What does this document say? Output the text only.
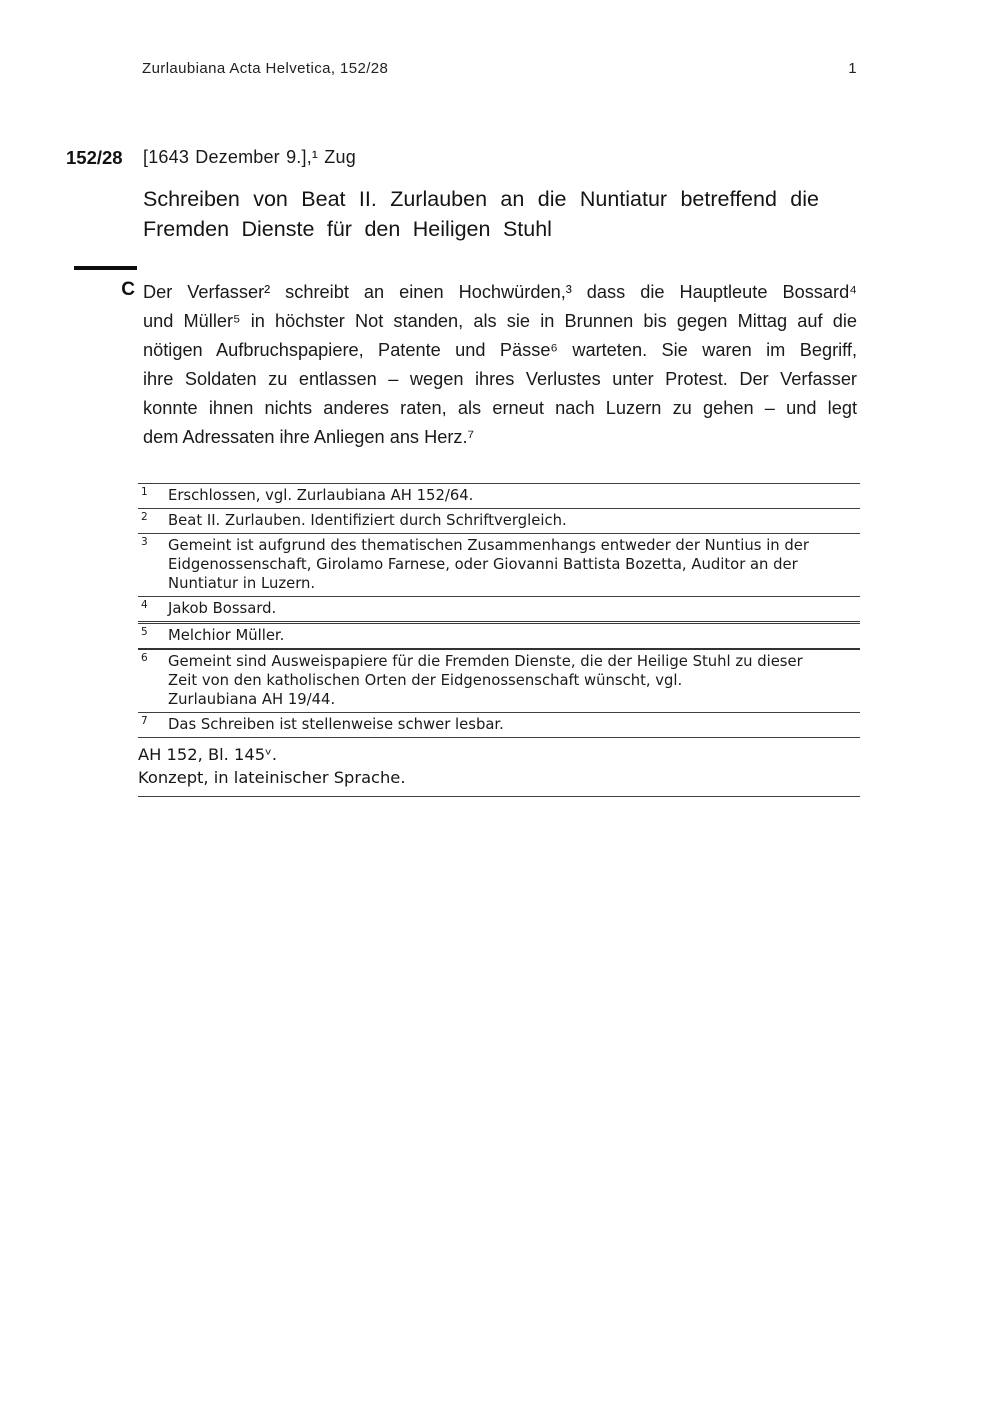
Zurlaubiana Acta Helvetica, 152/28	1
152/28 [1643 Dezember 9.],¹ Zug
Schreiben von Beat II. Zurlauben an die Nuntiatur betreffend die
Fremden Dienste für den Heiligen Stuhl
C Der Verfasser² schreibt an einen Hochwürden,³ dass die Hauptleute Bossard⁴
und Müller⁵ in höchster Not standen, als sie in Brunnen bis gegen Mittag auf die
nötigen Aufbruchspapiere, Patente und Pässe⁶ warteten. Sie waren im Begriff,
ihre Soldaten zu entlassen – wegen ihres Verlustes unter Protest. Der Verfasser
konnte ihnen nichts anderes raten, als erneut nach Luzern zu gehen – und legt
dem Adressaten ihre Anliegen ans Herz.⁷
1	Erschlossen, vgl. Zurlaubiana AH 152/64.
2	Beat II. Zurlauben. Identifiziert durch Schriftvergleich.
3	Gemeint ist aufgrund des thematischen Zusammenhangs entweder der Nuntius in der
Eidgenossenschaft, Girolamo Farnese, oder Giovanni Battista Bozetta, Auditor an der
Nuntiatur in Luzern.
4	Jakob Bossard.
5	Melchior Müller.
6	Gemeint sind Ausweispapiere für die Fremden Dienste, die der Heilige Stuhl zu dieser
Zeit von den katholischen Orten der Eidgenossenschaft wünscht, vgl.
Zurlaubiana AH 19/44.
7	Das Schreiben ist stellenweise schwer lesbar.
AH 152, Bl. 145ᵛ.
Konzept, in lateinischer Sprache.
